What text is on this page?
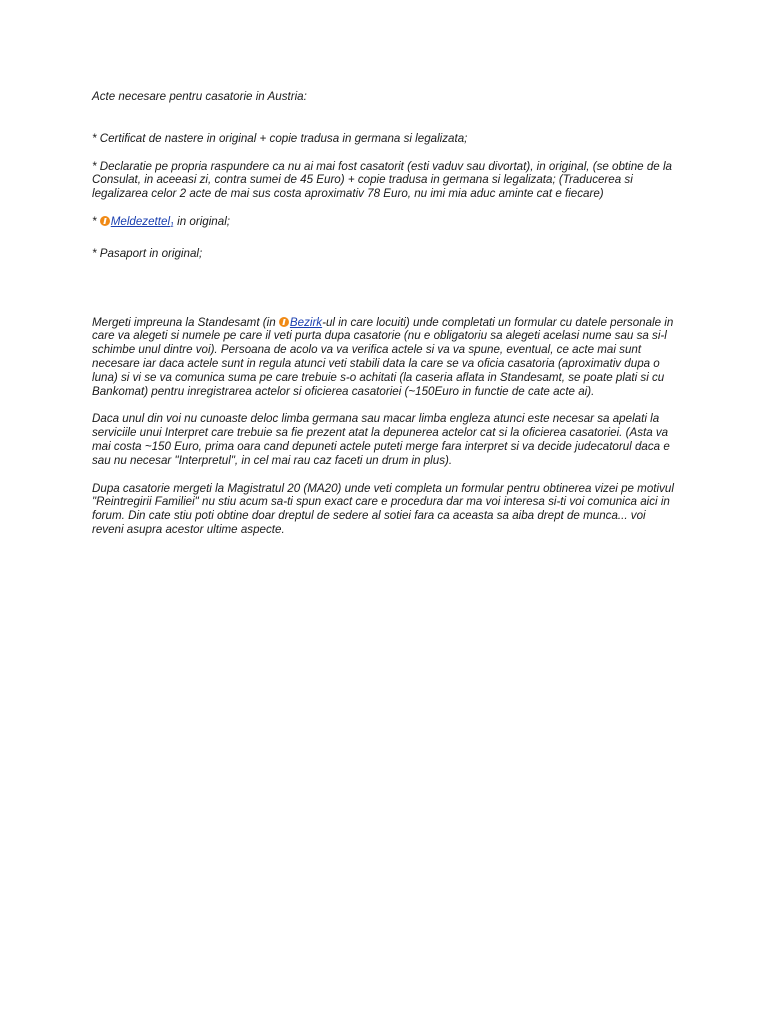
Acte necesare pentru casatorie in Austria:

* Certificat de nastere in original + copie tradusa in germana si legalizata;

* Declaratie pe propria raspundere ca nu ai mai fost casatorit (esti vaduv sau divortat), in original, (se obtine de la Consulat, in aceeasi zi, contra sumei de 45 Euro) + copie tradusa in germana si legalizata; (Traducerea si legalizarea celor 2 acte de mai sus costa aproximativ 78 Euro, nu imi mia aduc aminte cat e fiecare)

* Meldezettel$_1$ in original;

* Pasaport in original;

Mergeti impreuna la Standesamt (in Bezirk-ul in care locuiti) unde completati un formular cu datele personale in care va alegeti si numele pe care il veti purta dupa casatorie (nu e obligatoriu sa alegeti acelasi nume sau sa si-l schimbe unul dintre voi). Persoana de acolo va va verifica actele si va va spune, eventual, ce acte mai sunt necesare iar daca actele sunt in regula atunci veti stabili data la care se va oficia casatoria (aproximativ dupa o luna) si vi se va comunica suma pe care trebuie s-o achitati (la caseria aflata in Standesamt, se poate plati si cu Bankomat) pentru inregistrarea actelor si oficierea casatoriei (~150Euro in functie de cate acte ai).

Daca unul din voi nu cunoaste deloc limba germana sau macar limba engleza atunci este necesar sa apelati la serviciile unui Interpret care trebuie sa fie prezent atat la depunerea actelor cat si la oficierea casatoriei. (Asta va mai costa ~150 Euro, prima oara cand depuneti actele puteti merge fara interpret si va decide judecatorul daca e sau nu necesar "Interpretul", in cel mai rau caz faceti un drum in plus).

Dupa casatorie mergeti la Magistratul 20 (MA20) unde veti completa un formular pentru obtinerea vizei pe motivul "Reintregirii Familiei" nu stiu acum sa-ti spun exact care e procedura dar ma voi interesa si-ti voi comunica aici in forum. Din cate stiu poti obtine doar dreptul de sedere al sotiei fara ca aceasta sa aiba drept de munca... voi reveni asupra acestor ultime aspecte.
